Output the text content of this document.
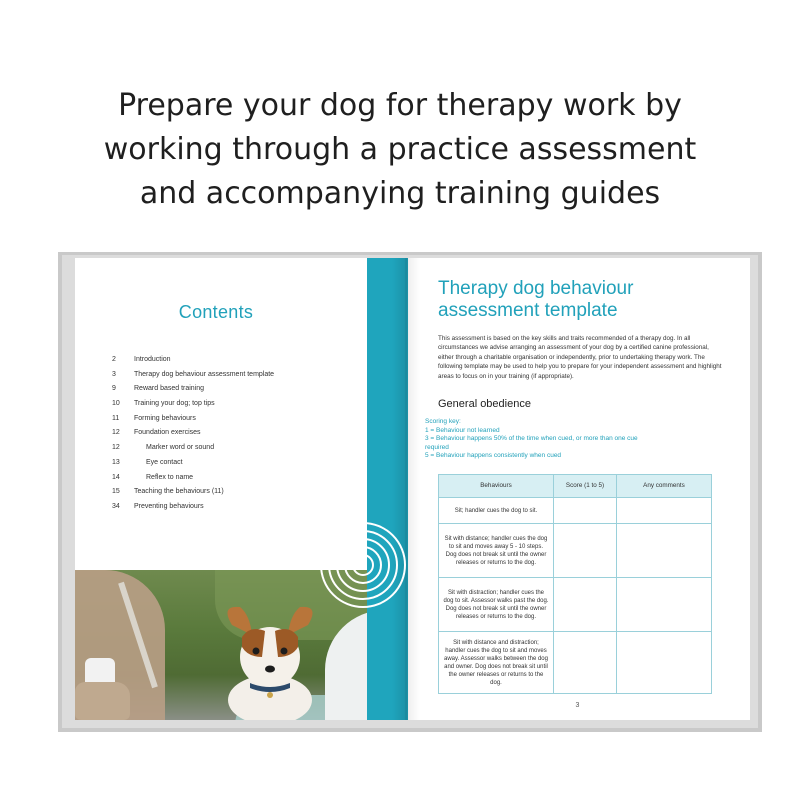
Prepare your dog for therapy work by
working through a practice assessment
and accompanying training guides
Contents
2	Introduction
3	Therapy dog behaviour assessment template
9	Reward based training
10	Training your dog; top tips
11	Forming behaviours
12	Foundation exercises
12	Marker word or sound
13	Eye contact
14	Reflex to name
15	Teaching the behaviours (11)
34	Preventing behaviours
Therapy dog behaviour
assessment template
This assessment is based on the key skills and traits recommended of a therapy dog. In all circumstances we advise arranging an assessment of your dog by a certified canine professional, either through a charitable organisation or independently, prior to undertaking therapy work. The following template may be used to help you to prepare for your independent assessment and highlight areas to focus on in your training (if appropriate).
General obedience
Scoring key:
1 = Behaviour not learned
3 = Behaviour happens 50% of the time when cued, or more than one cue
required
5 = Behaviour happens consistently when cued
Behaviours	Score (1 to 5)	Any comments
Sit; handler cues the dog to sit.		
Sit with distance; handler cues the dog to sit and moves away 5 - 10 steps. Dog does not break sit until the owner releases or returns to the dog.		
Sit with distraction; handler cues the dog to sit. Assessor walks past the dog. Dog does not break sit until the owner releases or returns to the dog.		
Sit with distance and distraction; handler cues the dog to sit and moves away. Assessor walks between the dog and owner. Dog does not break sit until the owner releases or returns to the dog.		
3
